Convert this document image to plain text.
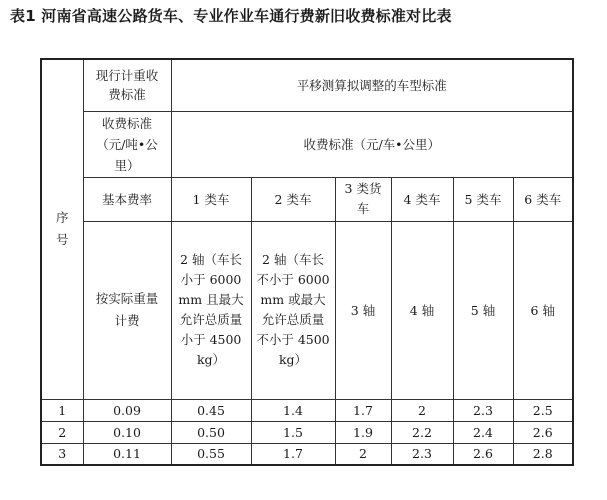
表1 河南省高速公路货车、专业作业车通行费新旧收费标准对比表
序号	现行计重收费标准	平移测算拟调整的车型标准					
	收费标准（元/吨•公里）	收费标准（元/车•公里）					
	基本费率	1 类车	2 类车	3 类货车	4 类车	5 类车	6 类车
	按实际重量计费	2 轴（车长小于 6000mm 且最大允许总质量小于 4500kg）	2 轴（车长不小于 6000mm 或最大允许总质量不小于 4500kg）	3 轴	4 轴	5 轴	6 轴
1	0.09	0.45	1.4	1.7	2	2.3	2.5
2	0.10	0.50	1.5	1.9	2.2	2.4	2.6
3	0.11	0.55	1.7	2	2.3	2.6	2.8
